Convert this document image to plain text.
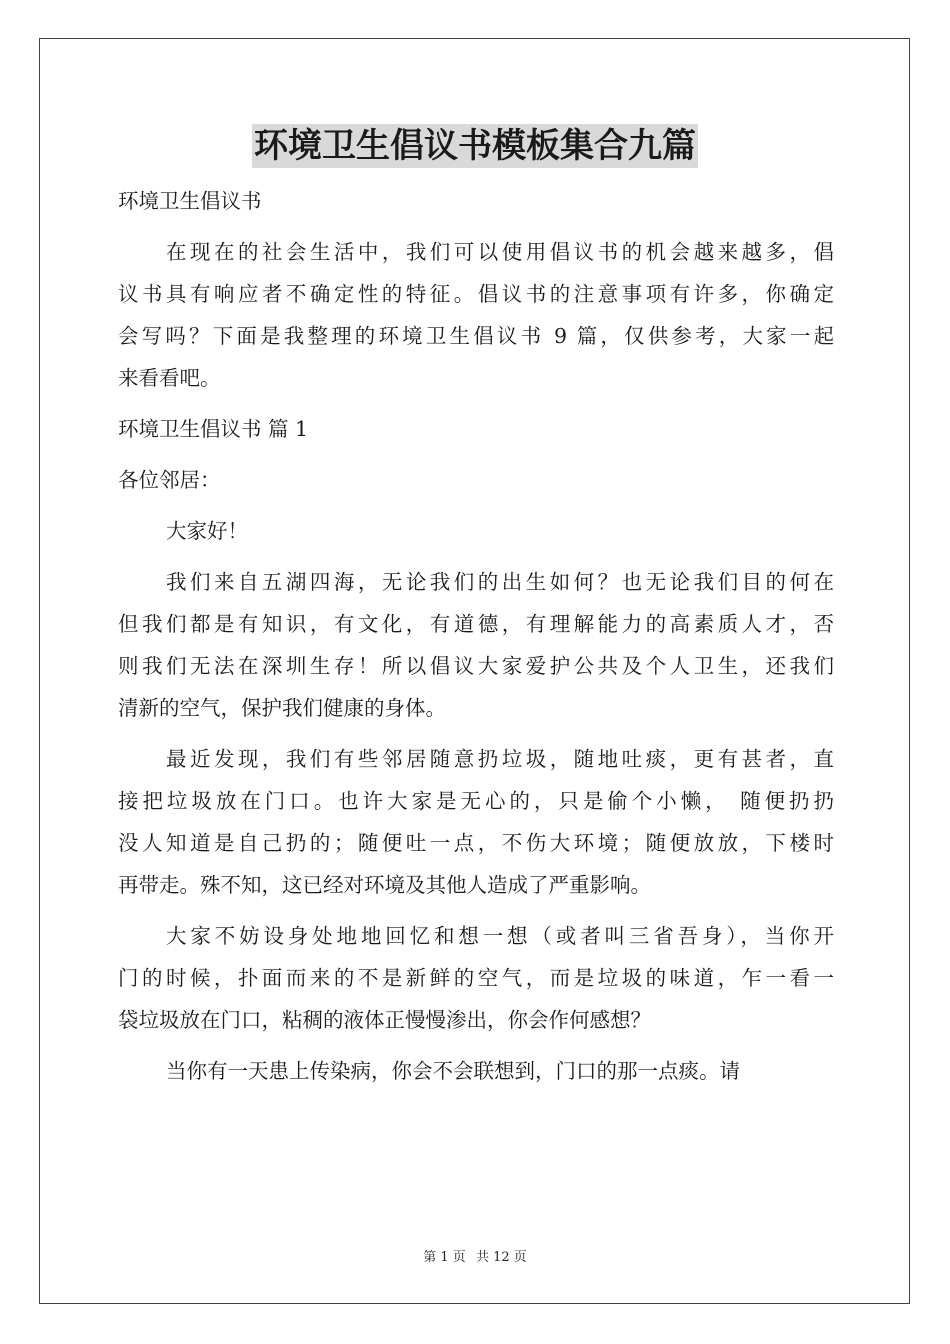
环境卫生倡议书模板集合九篇
环境卫生倡议书
在现在的社会生活中，我们可以使用倡议书的机会越来越多，倡
议书具有响应者不确定性的特征。倡议书的注意事项有许多，你确定
会写吗？下面是我整理的环境卫生倡议书 9 篇，仅供参考，大家一起
来看看吧。
环境卫生倡议书 篇 1
各位邻居：
大家好！
我们来自五湖四海，无论我们的出生如何？也无论我们目的何在
但我们都是有知识，有文化，有道德，有理解能力的高素质人才，否
则我们无法在深圳生存！所以倡议大家爱护公共及个人卫生，还我们
清新的空气，保护我们健康的身体。
最近发现，我们有些邻居随意扔垃圾，随地吐痰，更有甚者，直
接把垃圾放在门口。也许大家是无心的，只是偷个小懒， 随便扔扔
没人知道是自己扔的；随便吐一点，不伤大环境；随便放放，下楼时
再带走。殊不知，这已经对环境及其他人造成了严重影响。
大家不妨设身处地地回忆和想一想（或者叫三省吾身），当你开
门的时候，扑面而来的不是新鲜的空气，而是垃圾的味道，乍一看一
袋垃圾放在门口，粘稠的液体正慢慢渗出，你会作何感想？
当你有一天患上传染病，你会不会联想到，门口的那一点痰。请
第 1 页 共 12 页
